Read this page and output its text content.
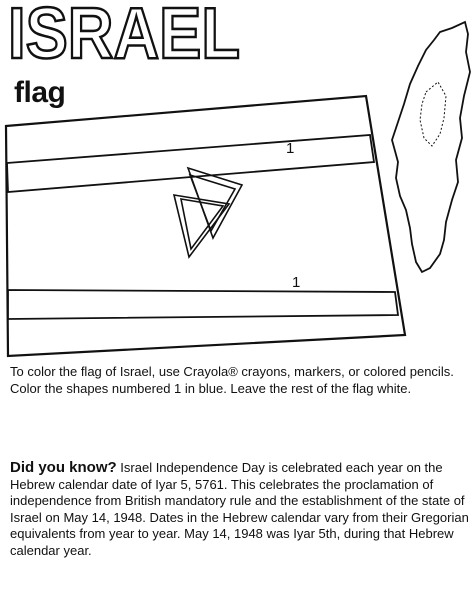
ISRAEL
flag
1
1

To color the flag of Israel, use Crayola® crayons, markers, or colored pencils. Color the shapes numbered 1 in blue. Leave the rest of the flag white.

Did you know? Israel Independence Day is celebrated each year on the Hebrew calendar date of Iyar 5, 5761. This celebrates the proclamation of independence from British mandatory rule and the establishment of the state of Israel on May 14, 1948. Dates in the Hebrew calendar vary from their Gregorian equivalents from year to year. May 14, 1948 was Iyar 5th, during that Hebrew calendar year.
